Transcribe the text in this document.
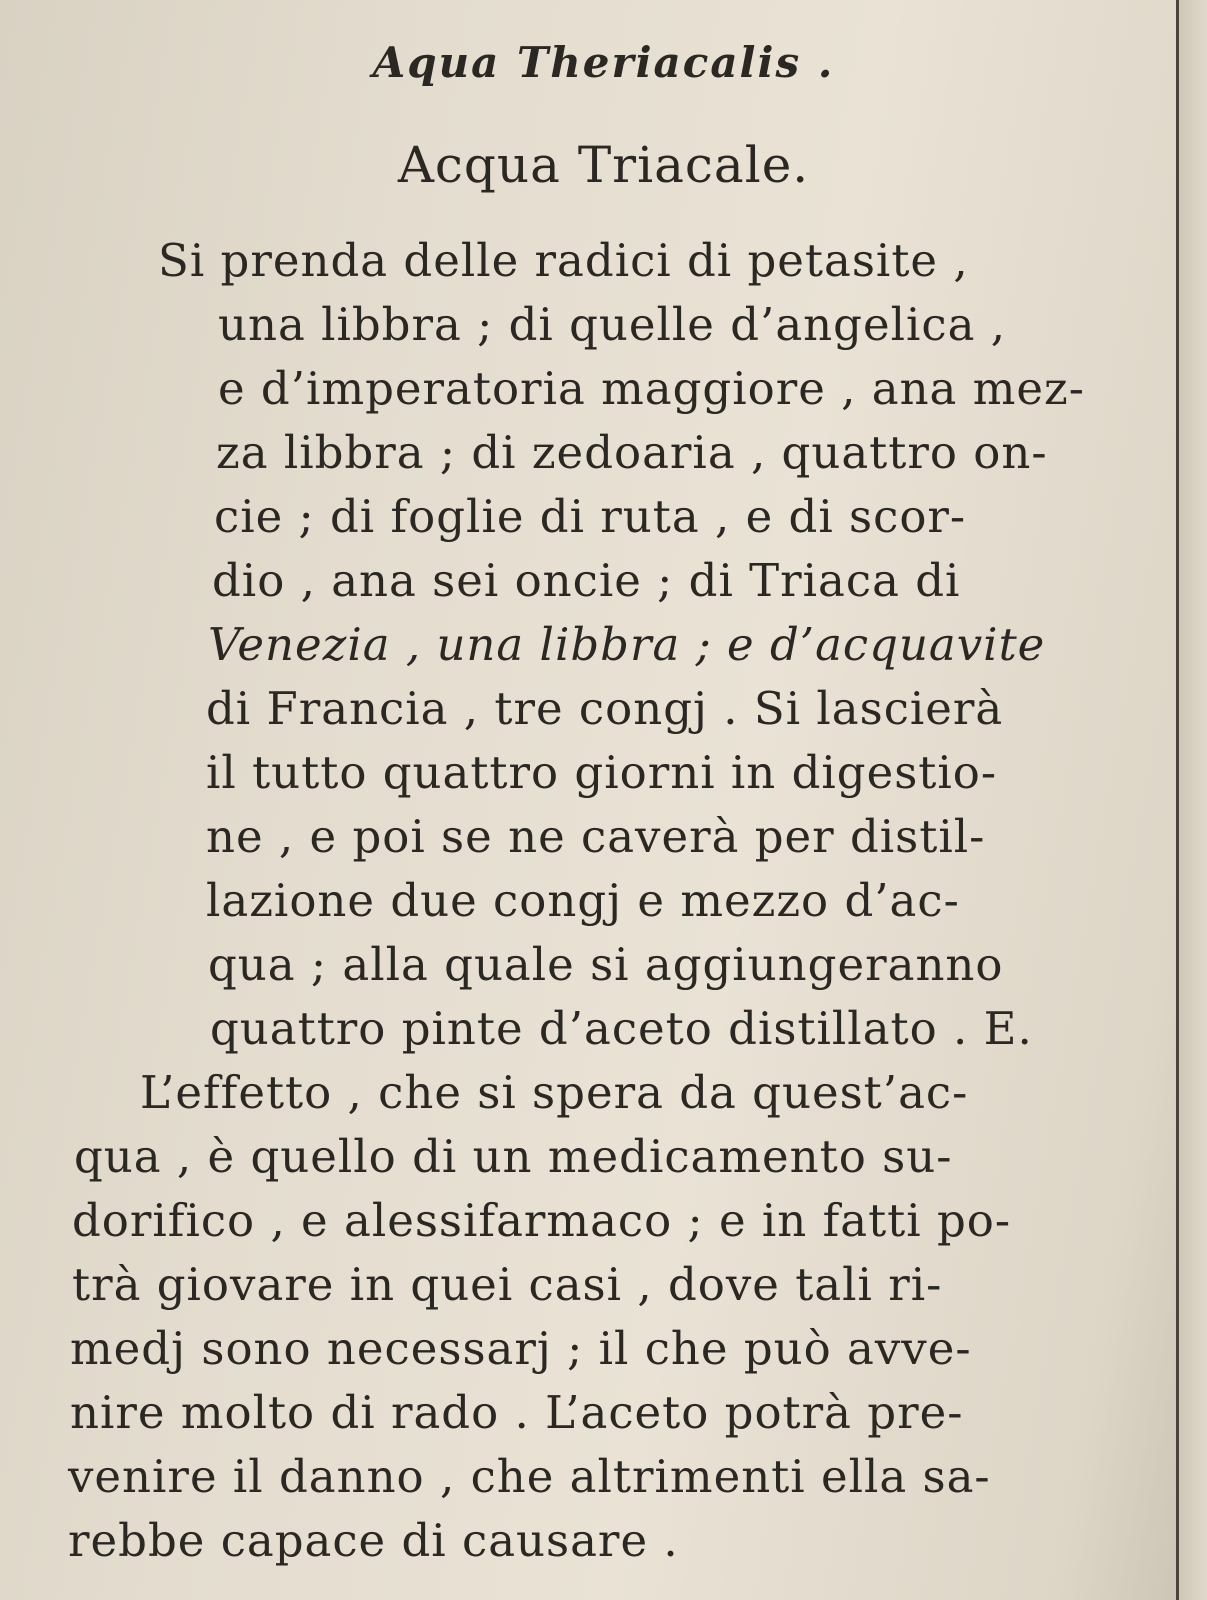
Aqua Theriacalis .
Acqua Triacale.
Si prenda delle radici di petasite ,
una libbra ; di quelle d’angelica ,
e d’imperatoria maggiore , ana mez-
za libbra ; di zedoaria , quattro on-
cie ; di foglie di ruta , e di scor-
dio , ana sei oncie ; di Triaca di
Venezia , una libbra ; e d’acquavite
di Francia , tre congj . Si lascierà
il tutto quattro giorni in digestio-
ne , e poi se ne caverà per distil-
lazione due congj e mezzo d’ac-
qua ; alla quale si aggiungeranno
quattro pinte d’aceto distillato . E.
L’effetto , che si spera da quest’ac-
qua , è quello di un medicamento su-
dorifico , e alessifarmaco ; e in fatti po-
trà giovare in quei casi , dove tali ri-
medj sono necessarj ; il che può avve-
nire molto di rado . L’aceto potrà pre-
venire il danno , che altrimenti ella sa-
rebbe capace di causare .
